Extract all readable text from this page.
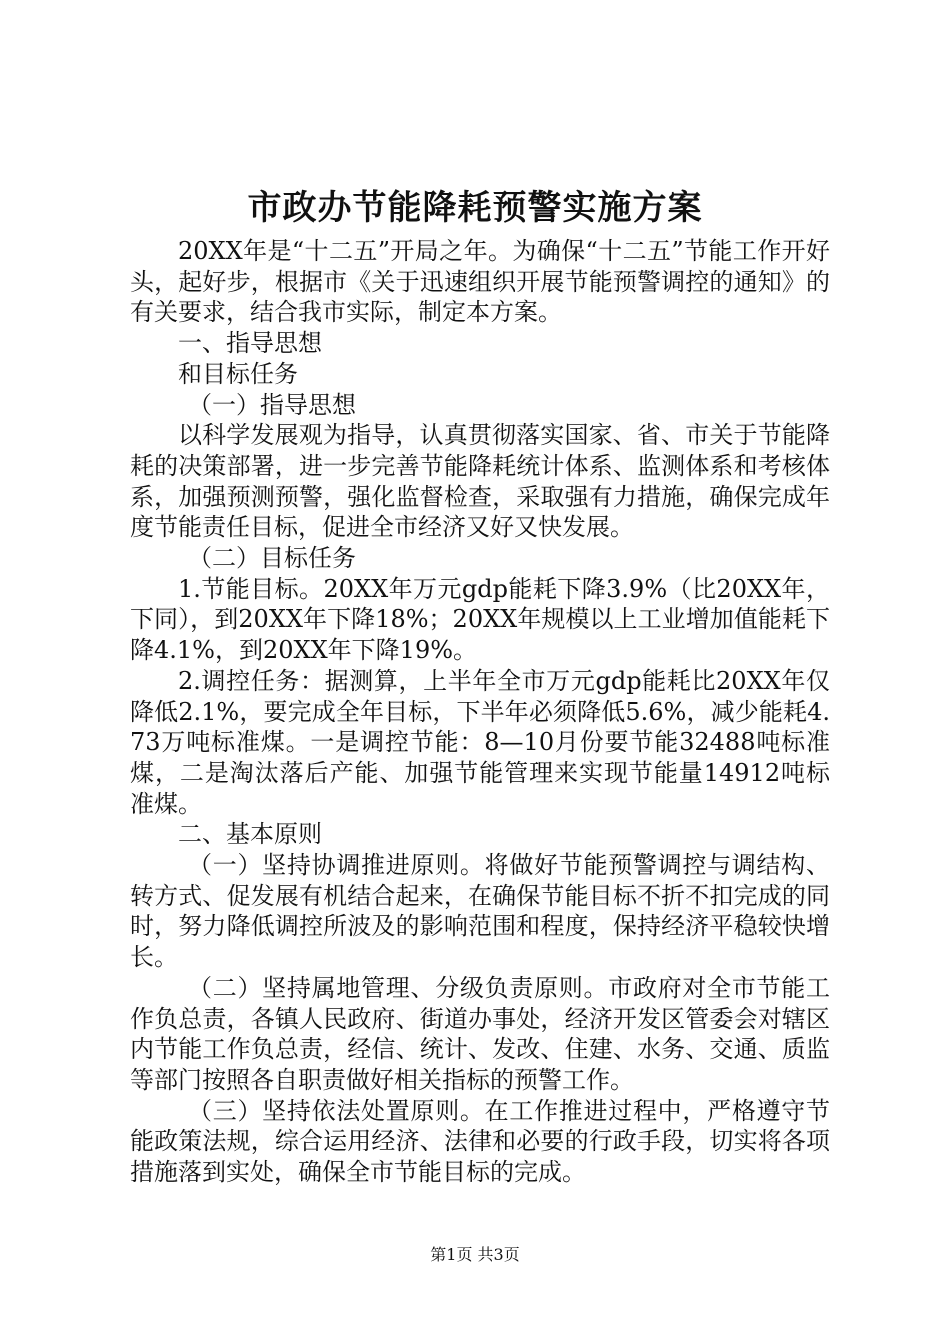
市政办节能降耗预警实施方案

20XX年是“十二五”开局之年。为确保“十二五”节能工作开好头，起好步，根据市《关于迅速组织开展节能预警调控的通知》的有关要求，结合我市实际，制定本方案。

一、指导思想

和目标任务

（一）指导思想

以科学发展观为指导，认真贯彻落实国家、省、市关于节能降耗的决策部署，进一步完善节能降耗统计体系、监测体系和考核体系，加强预测预警，强化监督检查，采取强有力措施，确保完成年度节能责任目标，促进全市经济又好又快发展。

（二）目标任务

1.节能目标。20XX年万元gdp能耗下降3.9%（比20XX年，下同），到20XX年下降18%；20XX年规模以上工业增加值能耗下降4.1%，到20XX年下降19%。

2.调控任务：据测算，上半年全市万元gdp能耗比20XX年仅降低2.1%，要完成全年目标，下半年必须降低5.6%，减少能耗4.73万吨标准煤。一是调控节能：8—10月份要节能32488吨标准煤，二是淘汰落后产能、加强节能管理来实现节能量14912吨标准煤。

二、基本原则

（一）坚持协调推进原则。将做好节能预警调控与调结构、转方式、促发展有机结合起来，在确保节能目标不折不扣完成的同时，努力降低调控所波及的影响范围和程度，保持经济平稳较快增长。

（二）坚持属地管理、分级负责原则。市政府对全市节能工作负总责，各镇人民政府、街道办事处，经济开发区管委会对辖区内节能工作负总责，经信、统计、发改、住建、水务、交通、质监等部门按照各自职责做好相关指标的预警工作。

（三）坚持依法处置原则。在工作推进过程中，严格遵守节能政策法规，综合运用经济、法律和必要的行政手段，切实将各项措施落到实处，确保全市节能目标的完成。

第1页 共3页
